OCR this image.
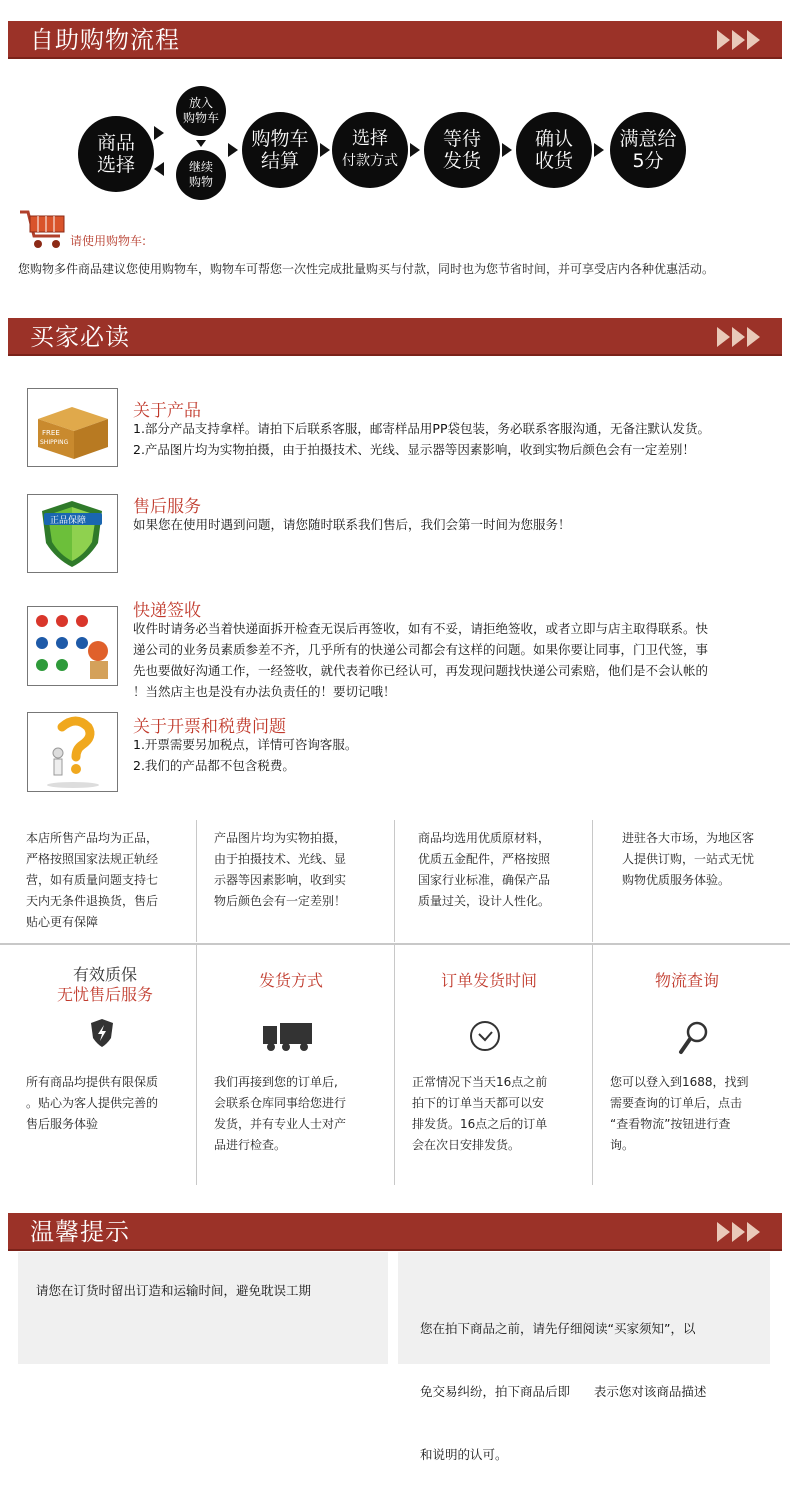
自助购物流程
商品
选择
放入
购物车
继续
购物
购物车
结算
选择
付款方式
等待
发货
确认
收货
满意给
5分
请使用购物车:
您购物多件商品建议您使用购物车，购物车可帮您一次性完成批量购买与付款，同时也为您节省时间，并可享受店内各种优惠活动。
买家必读
FREE
SHIPPING
关于产品
1.部分产品支持拿样。请拍下后联系客服，邮寄样品用PP袋包装，务必联系客服沟通，无备注默认发货。
2.产品图片均为实物拍摄，由于拍摄技术、光线、显示器等因素影响，收到实物后颜色会有一定差别！
正品保障
售后服务
如果您在使用时遇到问题，请您随时联系我们售后，我们会第一时间为您服务！
快递签收
收件时请务必当着快递面拆开检查无误后再签收，如有不妥，请拒绝签收，或者立即与店主取得联系。快
递公司的业务员素质参差不齐，几乎所有的快递公司都会有这样的问题。如果你要让同事，门卫代签，事
先也要做好沟通工作，一经签收，就代表着你已经认可，再发现问题找快递公司索赔，他们是不会认帐的
！当然店主也是没有办法负责任的！要切记哦！
关于开票和税费问题
1.开票需要另加税点，详情可咨询客服。
2.我们的产品都不包含税费。
本店所售产品均为正品，
严格按照国家法规正轨经
营，如有质量问题支持七
天内无条件退换货，售后
贴心更有保障
产品图片均为实物拍摄，
由于拍摄技术、光线、显
示器等因素影响，收到实
物后颜色会有一定差别！
商品均选用优质原材料，
优质五金配件，严格按照
国家行业标准，确保产品
质量过关，设计人性化。
进驻各大市场，为地区客
人提供订购，一站式无忧
购物优质服务体验。
有效质保
无忧售后服务
所有商品均提供有限保质
。贴心为客人提供完善的
售后服务体验
发货方式
我们再接到您的订单后,
会联系仓库同事给您进行
发货，并有专业人士对产
品进行检查。
订单发货时间
正常情况下当天16点之前
拍下的订单当天都可以安
排发货。16点之后的订单
会在次日安排发货。
物流查询
您可以登入到1688，找到
需要查询的订单后，点击
“查看物流”按钮进行查
询。
温馨提示
请您在订货时留出订造和运输时间，避免耽误工期

您在拍下商品之前，请先仔细阅读“买家须知”，以

免交易纠纷，拍下商品后即      表示您对该商品描述

和说明的认可。
